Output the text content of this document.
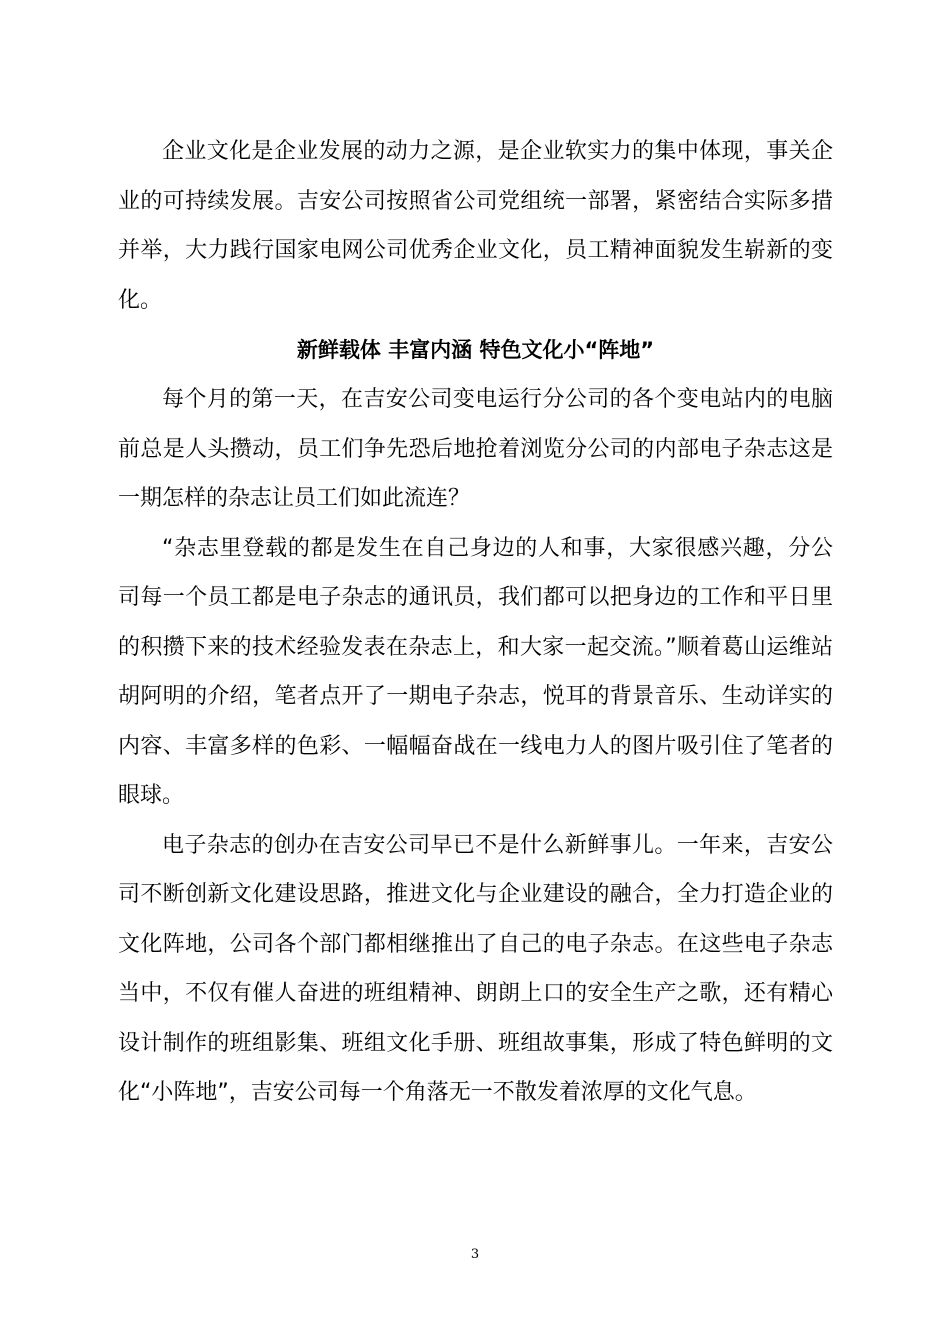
企业文化是企业发展的动力之源，是企业软实力的集中体现，事关企业的可持续发展。吉安公司按照省公司党组统一部署，紧密结合实际多措并举，大力践行国家电网公司优秀企业文化，员工精神面貌发生崭新的变化。

新鲜载体 丰富内涵 特色文化小“阵地”

每个月的第一天，在吉安公司变电运行分公司的各个变电站内的电脑前总是人头攒动，员工们争先恐后地抢着浏览分公司的内部电子杂志这是一期怎样的杂志让员工们如此流连？

“杂志里登载的都是发生在自己身边的人和事，大家很感兴趣，分公司每一个员工都是电子杂志的通讯员，我们都可以把身边的工作和平日里的积攒下来的技术经验发表在杂志上，和大家一起交流。”顺着葛山运维站胡阿明的介绍，笔者点开了一期电子杂志，悦耳的背景音乐、生动详实的内容、丰富多样的色彩、一幅幅奋战在一线电力人的图片吸引住了笔者的眼球。

电子杂志的创办在吉安公司早已不是什么新鲜事儿。一年来，吉安公司不断创新文化建设思路，推进文化与企业建设的融合，全力打造企业的文化阵地，公司各个部门都相继推出了自己的电子杂志。在这些电子杂志当中，不仅有催人奋进的班组精神、朗朗上口的安全生产之歌，还有精心设计制作的班组影集、班组文化手册、班组故事集，形成了特色鲜明的文化“小阵地”，吉安公司每一个角落无一不散发着浓厚的文化气息。

3
